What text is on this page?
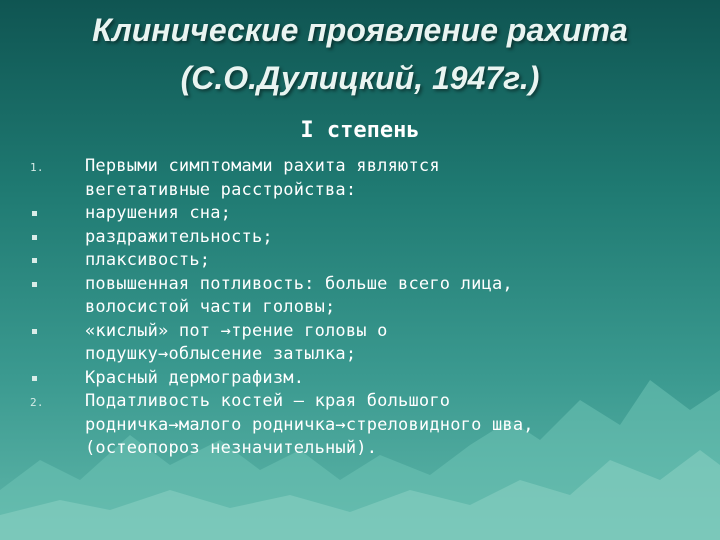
Клинические проявление рахита
(С.О.Дулицкий, 1947г.)
I степень
1.	Первыми симптомами рахита являются
вегетативные расстройства:
нарушения сна;
раздражительность;
плаксивость;
повышенная потливость: больше всего лица,
волосистой части головы;
«кислый» пот →трение головы о
подушку→облысение затылка;
Красный дермографизм.
2.	Податливость костей – края большого
родничка→малого родничка→стреловидного шва,
(остеопороз незначительный).
